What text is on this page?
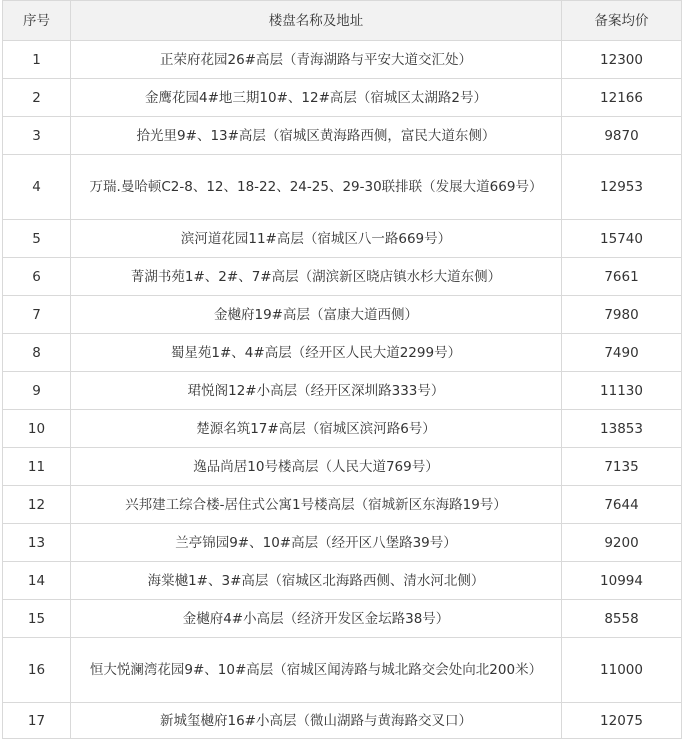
序号	楼盘名称及地址	备案均价
1	正荣府花园26#高层（青海湖路与平安大道交汇处）	12300
2	金鹰花园4#地三期10#、12#高层（宿城区太湖路2号）	12166
3	拾光里9#、13#高层（宿城区黄海路西侧，富民大道东侧）	9870
4	万瑞.曼哈顿C2-8、12、18-22、24-25、29-30联排联（发展大道669号）	12953
5	滨河道花园11#高层（宿城区八一路669号）	15740
6	菁湖书苑1#、2#、7#高层（湖滨新区晓店镇水杉大道东侧）	7661
7	金樾府19#高层（富康大道西侧）	7980
8	蜀星苑1#、4#高层（经开区人民大道2299号）	7490
9	珺悦阁12#小高层（经开区深圳路333号）	11130
10	楚源名筑17#高层（宿城区滨河路6号）	13853
11	逸品尚居10号楼高层（人民大道769号）	7135
12	兴邦建工综合楼-居住式公寓1号楼高层（宿城新区东海路19号）	7644
13	兰亭锦园9#、10#高层（经开区八堡路39号）	9200
14	海棠樾1#、3#高层（宿城区北海路西侧、清水河北侧）	10994
15	金樾府4#小高层（经济开发区金坛路38号）	8558
16	恒大悦澜湾花园9#、10#高层（宿城区闻涛路与城北路交会处向北200米）	11000
17	新城玺樾府16#小高层（微山湖路与黄海路交叉口）	12075
